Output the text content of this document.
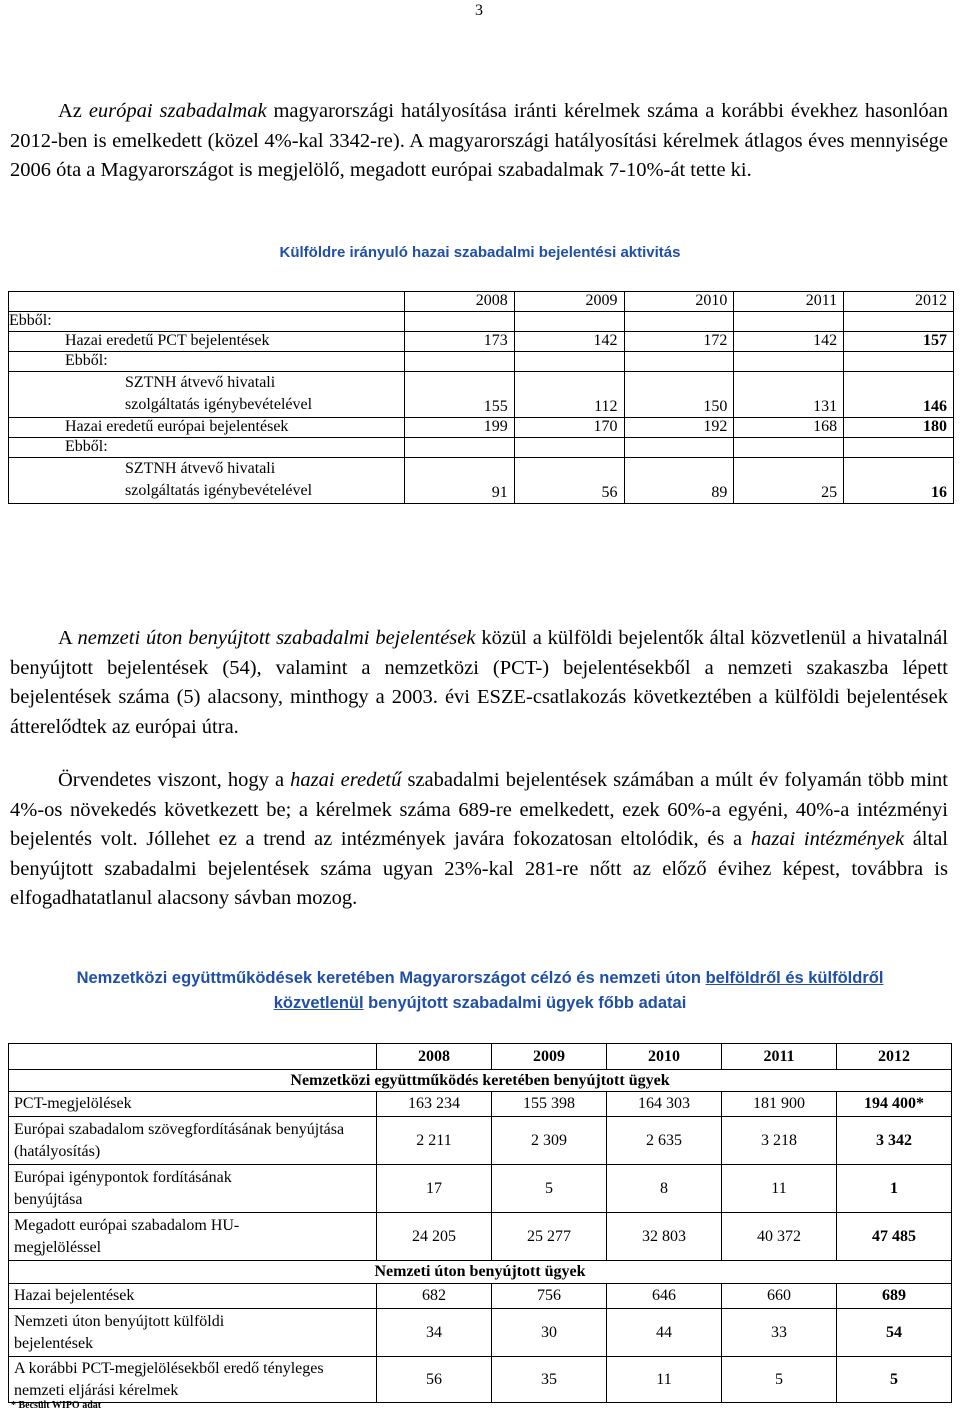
3
Az európai szabadalmak magyarországi hatályosítása iránti kérelmek száma a korábbi évekhez hasonlóan 2012-ben is emelkedett (közel 4%-kal 3342-re). A magyarországi hatályosítási kérelmek átlagos éves mennyisége 2006 óta a Magyarországot is megjelölő, megadott európai szabadalmak 7-10%-át tette ki.
Külföldre irányuló hazai szabadalmi bejelentési aktivitás
	2008	2009	2010	2011	2012
Ebből:					
Hazai eredetű PCT bejelentések	173	142	172	142	157
Ebből:					

SZTNH átvevő hivatali szolgáltatás igénybevételével	155	112	150	131	146
Hazai eredetű európai bejelentések	199	170	192	168	180
Ebből:					

SZTNH átvevő hivatali szolgáltatás igénybevételével	91	56	89	25	16
A nemzeti úton benyújtott szabadalmi bejelentések közül a külföldi bejelentők által közvetlenül a hivatalnál benyújtott bejelentések (54), valamint a nemzetközi (PCT-) bejelentésekből a nemzeti szakaszba lépett bejelentések száma (5) alacsony, minthogy a 2003. évi ESZE-csatlakozás következtében a külföldi bejelentések átterelődtek az európai útra.
Örvendetes viszont, hogy a hazai eredetű szabadalmi bejelentések számában a múlt év folyamán több mint 4%-os növekedés következett be; a kérelmek száma 689-re emelkedett, ezek 60%-a egyéni, 40%-a intézményi bejelentés volt. Jóllehet ez a trend az intézmények javára fokozatosan eltolódik, és a hazai intézmények által benyújtott szabadalmi bejelentések száma ugyan 23%-kal 281-re nőtt az előző évihez képest, továbbra is elfogadhatatlanul alacsony sávban mozog.
Nemzetközi együttműködések keretében Magyarországot célzó és nemzeti úton belföldről és külföldről
közvetlenül benyújtott szabadalmi ügyek főbb adatai
	2008	2009	2010	2011	2012
Nemzetközi együttműködés keretében benyújtott ügyek					
PCT-megjelölések	163 234	155 398	164 303	181 900	194 400*

Európai szabadalom szövegfordításának benyújtása (hatályosítás)	2 211	2 309	2 635	3 218	3 342

Európai igénypontok fordításának benyújtása	17	5	8	11	1

Megadott európai szabadalom HU-megjelöléssel	24 205	25 277	32 803	40 372	47 485
Nemzeti úton benyújtott ügyek					
Hazai bejelentések	682	756	646	660	689

Nemzeti úton benyújtott külföldi bejelentések	34	30	44	33	54

A korábbi PCT-megjelölésekből eredő tényleges nemzeti eljárási kérelmek	56	35	11	5	5
* Becsült WIPO adat
